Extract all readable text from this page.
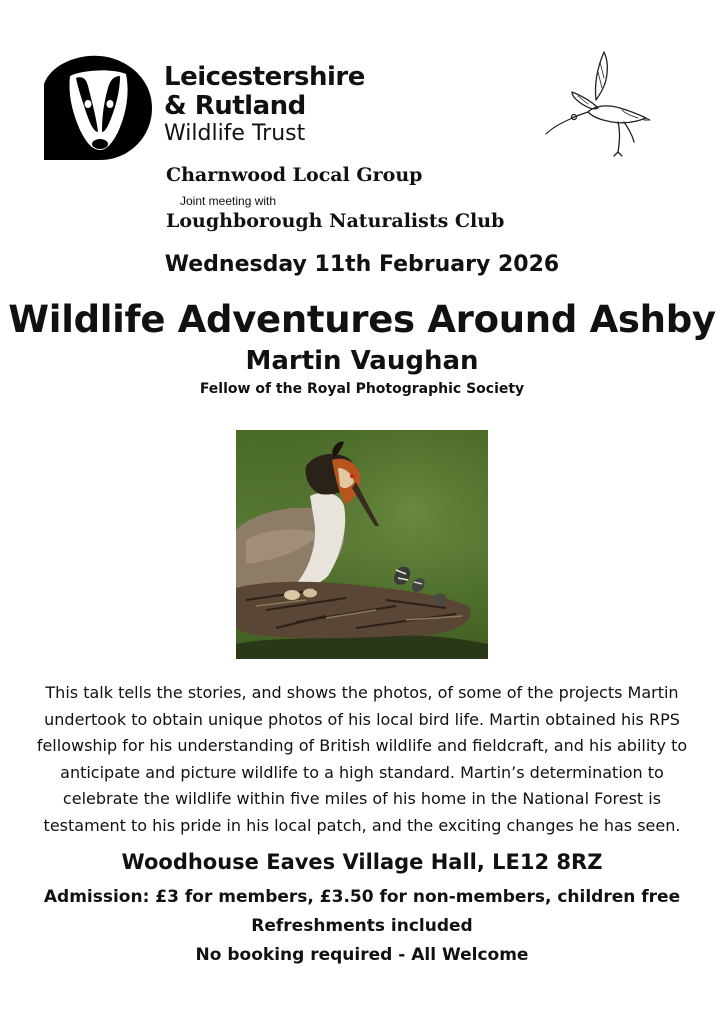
Leicestershire
& Rutland
Wildlife Trust
Charnwood Local Group
Joint meeting with
Loughborough Naturalists Club
Wednesday 11th February 2026
Wildlife Adventures Around Ashby
Martin Vaughan
Fellow of the Royal Photographic Society
This talk tells the stories, and shows the photos, of some of the projects Martin undertook to obtain unique photos of his local bird life. Martin obtained his RPS fellowship for his understanding of British wildlife and fieldcraft, and his ability to anticipate and picture wildlife to a high standard. Martin’s determination to celebrate the wildlife within five miles of his home in the National Forest is testament to his pride in his local patch, and the exciting changes he has seen.
Woodhouse Eaves Village Hall, LE12 8RZ
Admission: £3 for members, £3.50 for non-members, children free
Refreshments included
No booking required - All Welcome
